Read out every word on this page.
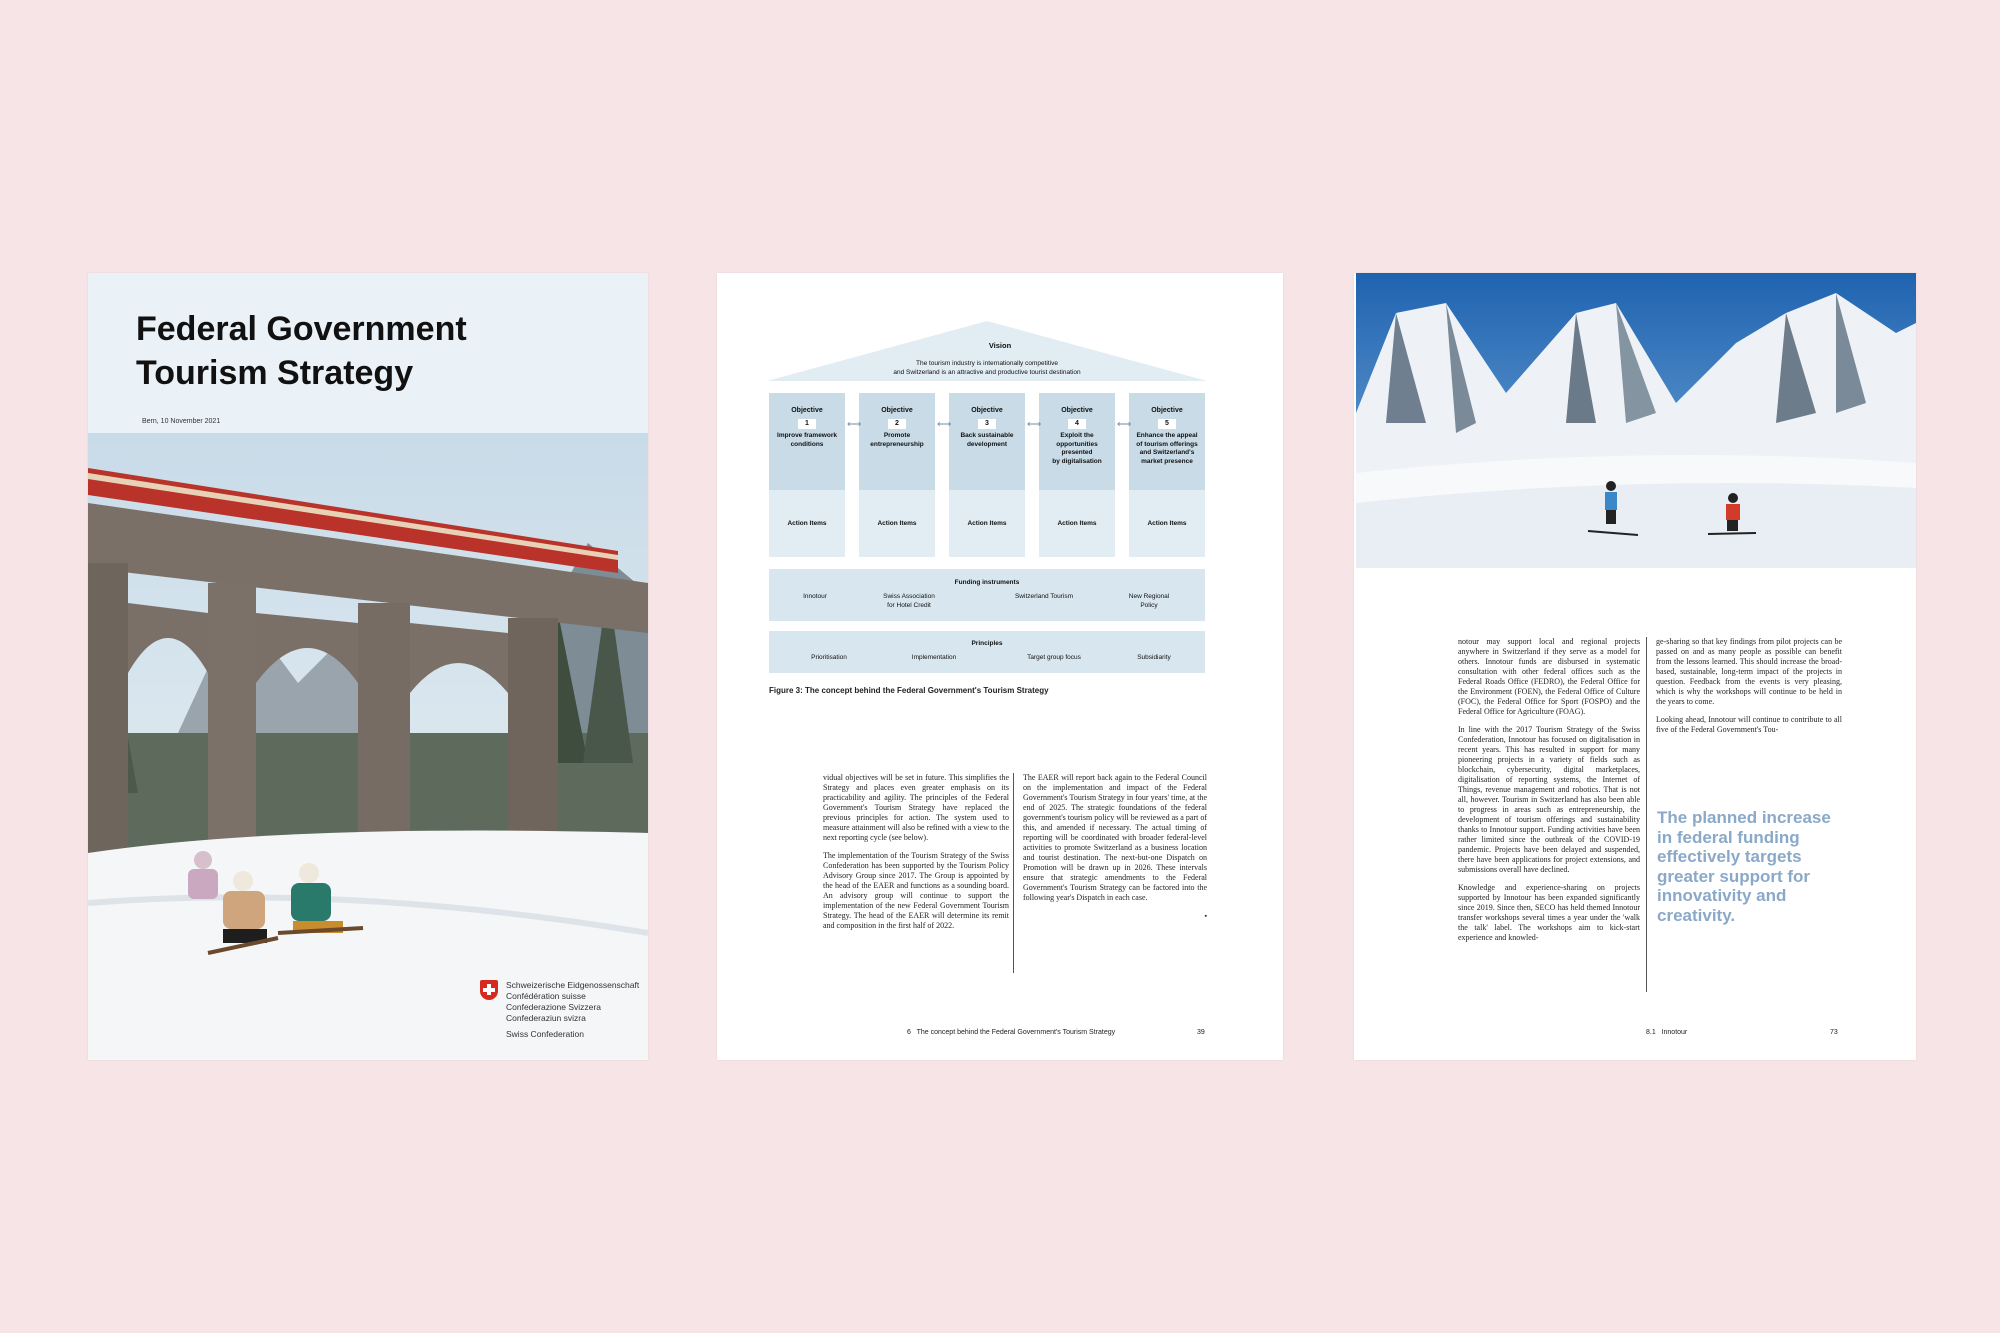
Federal Government
Tourism Strategy
Bern, 10 November 2021
Schweizerische Eidgenossenschaft
Confédération suisse
Confederazione Svizzera
Confederaziun svizra
Swiss Confederation
Vision
The tourism industry is internationally competitive
and Switzerland is an attractive and productive tourist destination
Objective
1
Improve framework
conditions
Objective
2
Promote
entrepreneurship
Objective
3
Back sustainable
development
Objective
4
Exploit the
opportunities
presented
by digitalisation
Objective
5
Enhance the appeal
of tourism offerings
and Switzerland's
market presence
⟷	⟷	⟷	⟷
Action Items	Action Items	Action Items	Action Items	Action Items
Funding instruments
Innotour	Swiss Association
for Hotel Credit
Switzerland Tourism	New Regional
Policy
Principles
Prioritisation	Implementation	Target group focus	Subsidiarity
Figure 3: The concept behind the Federal Government's Tourism Strategy

vidual objectives will be set in future. This simplifies the Strategy and places even greater emphasis on its practicability and agility. The principles of the Federal Government's Tourism Strategy have replaced the previous principles for action. The system used to measure attainment will also be refined with a view to the next reporting cycle (see below).

The implementation of the Tourism Strategy of the Swiss Confederation has been supported by the Tourism Policy Advisory Group since 2017. The Group is appointed by the head of the EAER and functions as a sounding board. An advisory group will continue to support the implementation of the new Federal Government Tourism Strategy. The head of the EAER will determine its remit and composition in the first half of 2022.

The EAER will report back again to the Federal Council on the implementation and impact of the Federal Government's Tourism Strategy in four years' time, at the end of 2025. The strategic foundations of the federal government's tourism policy will be reviewed as a part of this, and amended if necessary. The actual timing of reporting will be coordinated with broader federal-level activities to promote Switzerland as a business location and tourist destination. The next-but-one Dispatch on Promotion will be drawn up in 2026. These intervals ensure that strategic amendments to the Federal Government's Tourism Strategy can be factored into the following year's Dispatch in each case.

▪
6 The concept behind the Federal Government's Tourism Strategy	39

notour may support local and regional projects anywhere in Switzerland if they serve as a model for others. Innotour funds are disbursed in systematic consultation with other federal offices such as the Federal Roads Office (FEDRO), the Federal Office for the Environment (FOEN), the Federal Office of Culture (FOC), the Federal Office for Sport (FOSPO) and the Federal Office for Agriculture (FOAG).

In line with the 2017 Tourism Strategy of the Swiss Confederation, Innotour has focused on digitalisation in recent years. This has resulted in support for many pioneering projects in a variety of fields such as blockchain, cybersecurity, digital marketplaces, digitalisation of reporting systems, the Internet of Things, revenue management and robotics. That is not all, however. Tourism in Switzerland has also been able to progress in areas such as entrepreneurship, the development of tourism offerings and sustainability thanks to Innotour support. Funding activities have been rather limited since the outbreak of the COVID-19 pandemic. Projects have been delayed and suspended, there have been applications for project extensions, and submissions overall have declined.

Knowledge and experience-sharing on projects supported by Innotour has been expanded significantly since 2019. Since then, SECO has held themed Innotour transfer workshops several times a year under the 'walk the talk' label. The workshops aim to kick-start experience and knowled-

ge-sharing so that key findings from pilot projects can be passed on and as many people as possible can benefit from the lessons learned. This should increase the broad-based, sustainable, long-term impact of the projects in question. Feedback from the events is very pleasing, which is why the workshops will continue to be held in the years to come.

Looking ahead, Innotour will continue to contribute to all five of the Federal Government's Tou-

The planned increase in federal funding effectively targets greater support for innovativity and creativity.
8.1 Innotour	73
